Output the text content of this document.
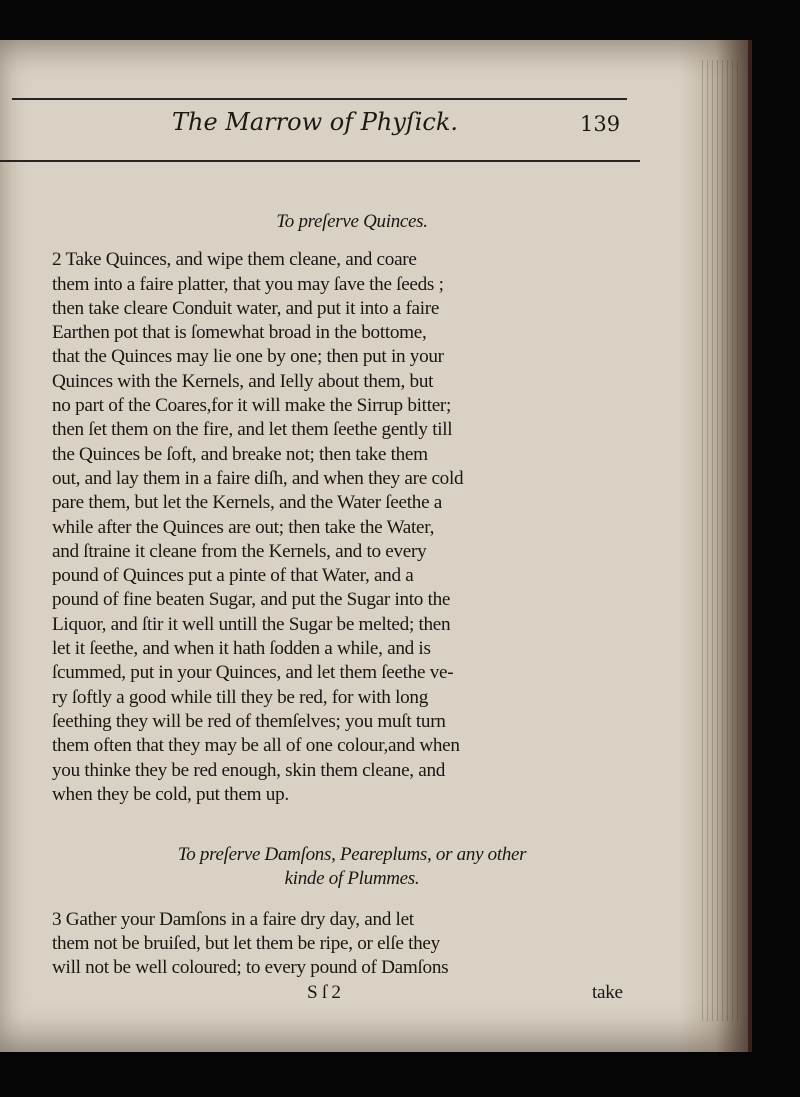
The Marrow of Phyſick.	139
To preſerve Quinces.
2 Take Quinces, and wipe them cleane, and coare
them into a faire platter, that you may ſave the ſeeds ;
then take cleare Conduit water, and put it into a faire
Earthen pot that is ſomewhat broad in the bottome,
that the Quinces may lie one by one; then put in your
Quinces with the Kernels, and Ielly about them, but
no part of the Coares,for it will make the Sirrup bitter;
then ſet them on the fire, and let them ſeethe gently till
the Quinces be ſoft, and breake not; then take them
out, and lay them in a faire diſh, and when they are cold
pare them, but let the Kernels, and the Water ſeethe a
while after the Quinces are out; then take the Water,
and ſtraine it cleane from the Kernels, and to every
pound of Quinces put a pinte of that Water, and a
pound of fine beaten Sugar, and put the Sugar into the
Liquor, and ſtir it well untill the Sugar be melted; then
let it ſeethe, and when it hath ſodden a while, and is
ſcummed, put in your Quinces, and let them ſeethe ve-
ry ſoftly a good while till they be red, for with long
ſeething they will be red of themſelves; you muſt turn
them often that they may be all of one colour,and when
you thinke they be red enough, skin them cleane, and
when they be cold, put them up.
To preſerve Damſons, Peareplums, or any other
kinde of Plummes.
3 Gather your Damſons in a faire dry day, and let
them not be bruiſed, but let them be ripe, or elſe they
will not be well coloured; to every pound of Damſons
S ſ 2	take
